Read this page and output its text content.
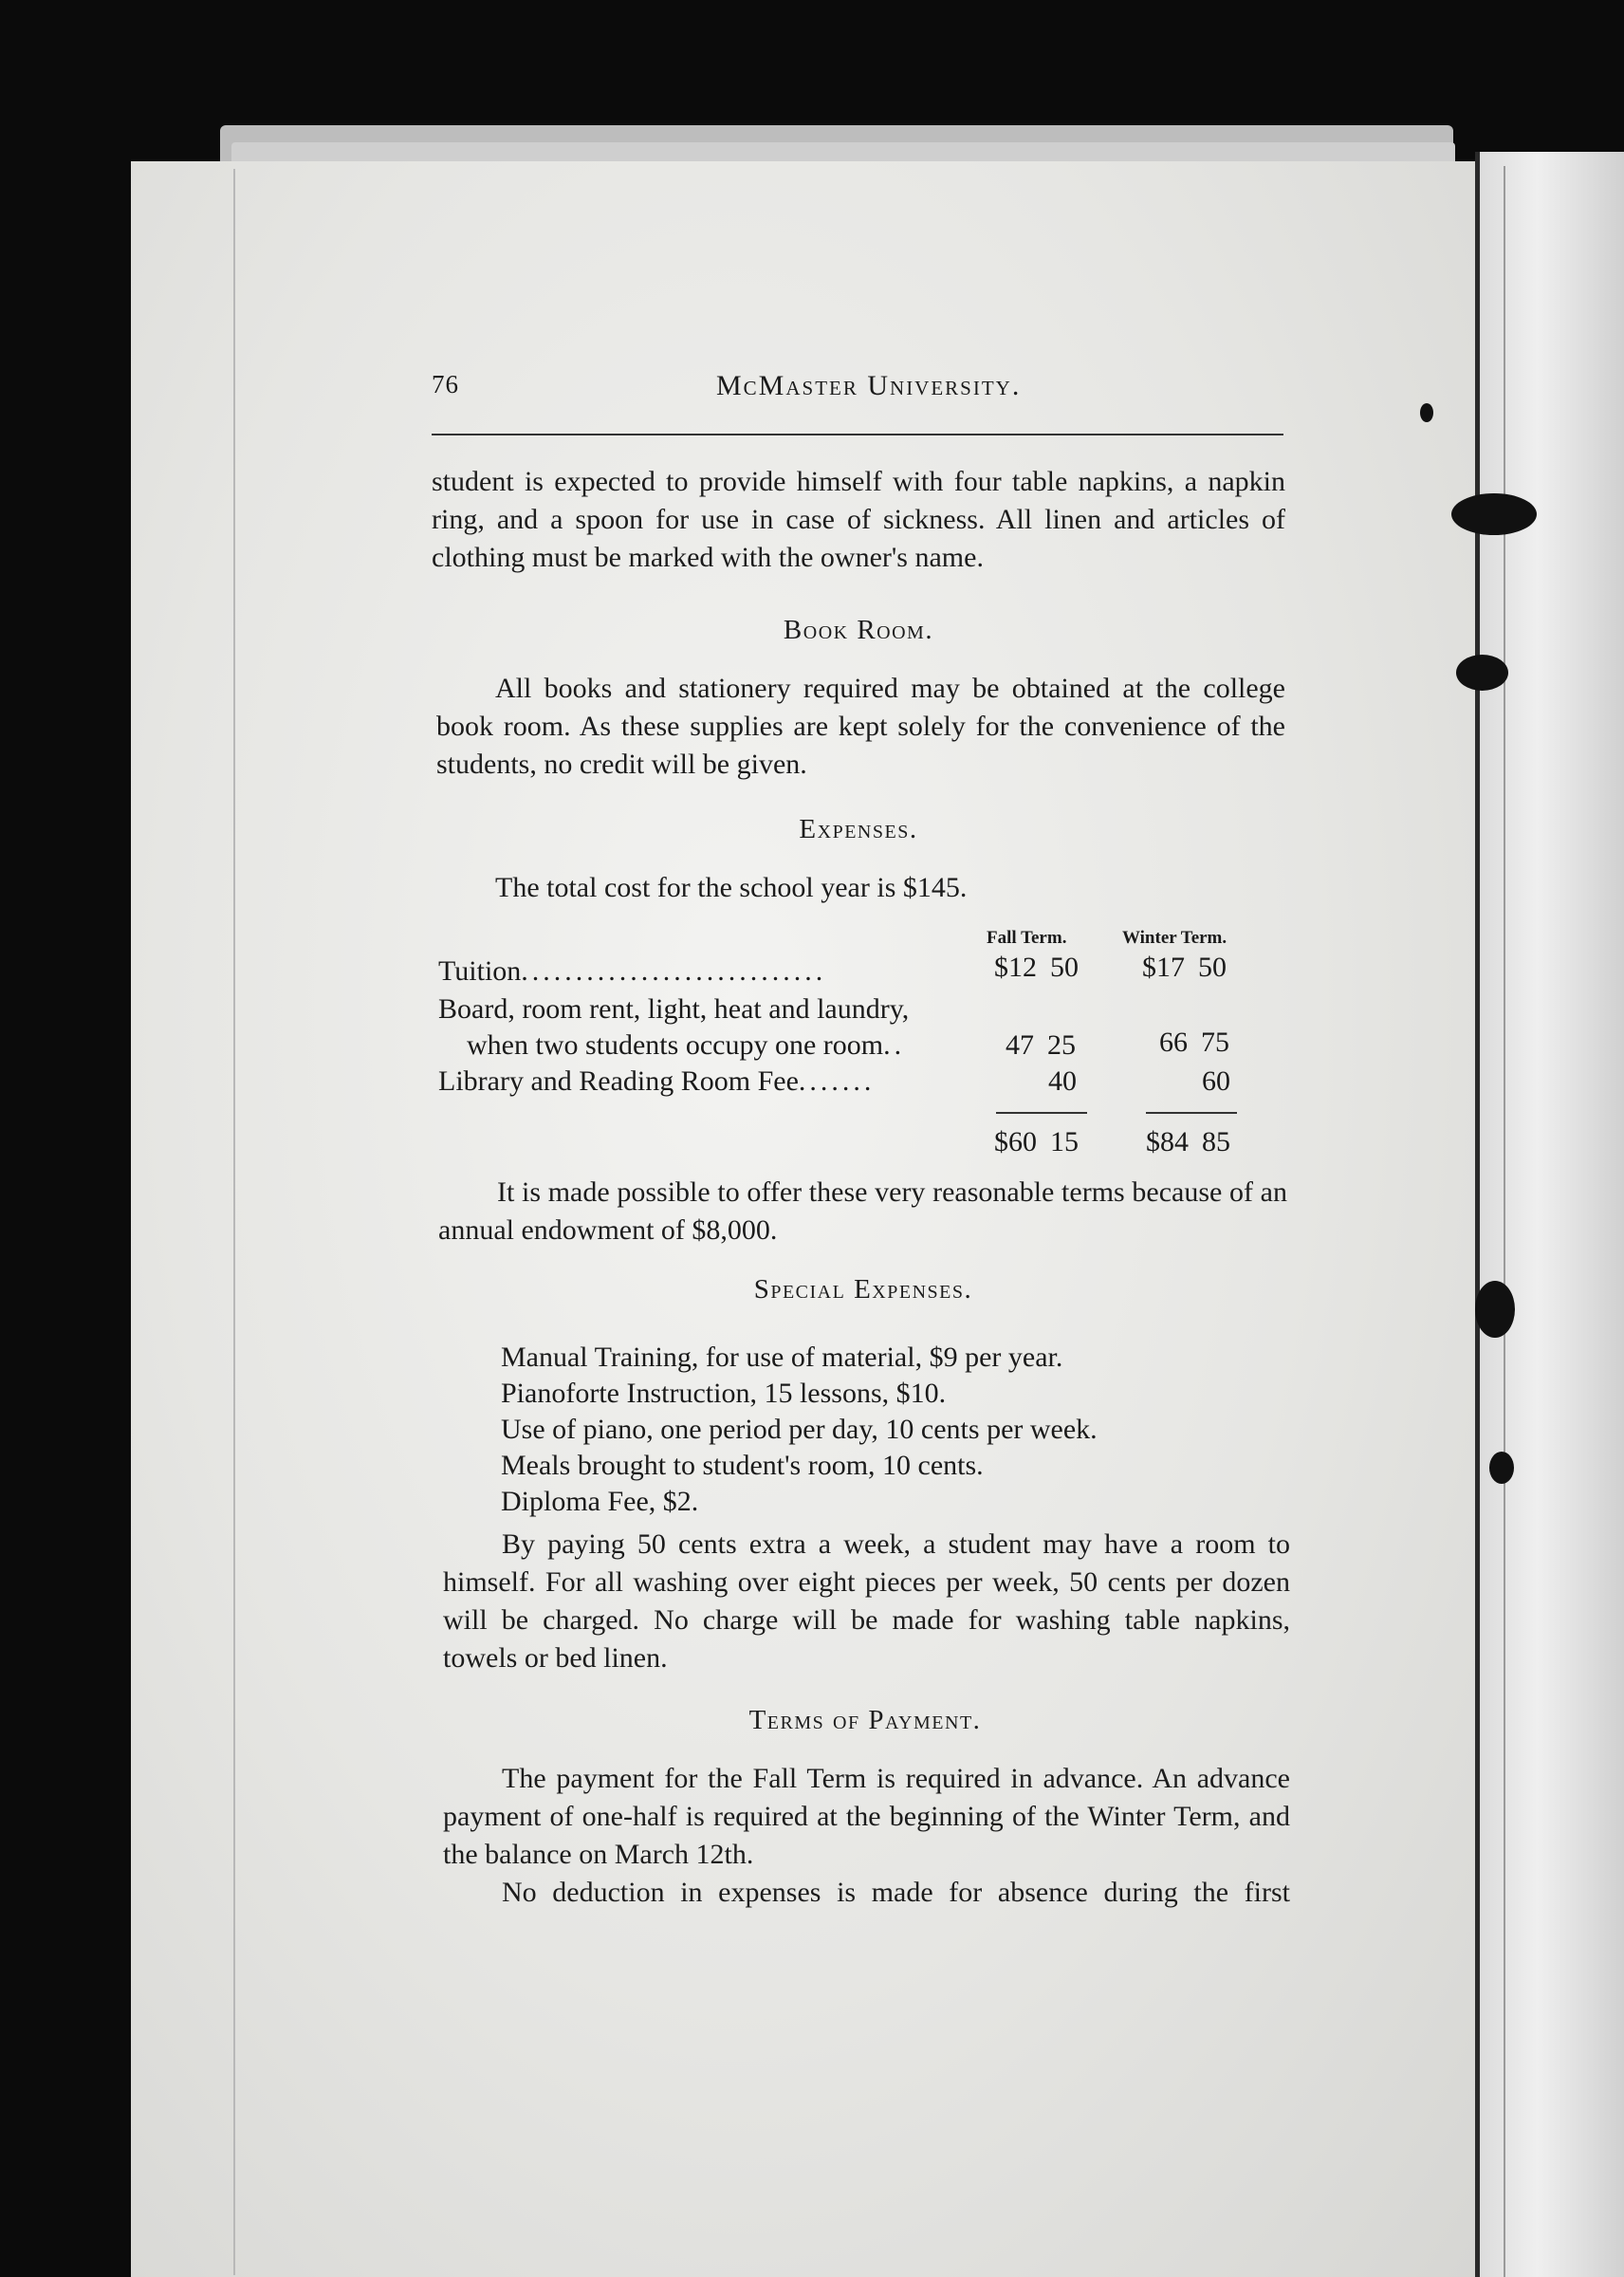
76	McMaster University.
student is expected to provide himself with four table napkins, a napkin ring, and a spoon for use in case of sickness. All linen and articles of clothing must be marked with the owner's name.
Book Room.
All books and stationery required may be obtained at the college book room. As these supplies are kept solely for the convenience of the students, no credit will be given.
Expenses.
The total cost for the school year is $145.
Fall Term.	Winter Term.
Tuition............................	$12 50 $17 50
Board, room rent, light, heat and laundry,
when two students occupy one room..	47 25	66 75
Library and Reading Room Fee.......	40	60
$60 15 $84 85
It is made possible to offer these very reasonable terms because of an annual endowment of $8,000.
Special Expenses.
Manual Training, for use of material, $9 per year.
Pianoforte Instruction, 15 lessons, $10.
Use of piano, one period per day, 10 cents per week.
Meals brought to student's room, 10 cents.
Diploma Fee, $2.
By paying 50 cents extra a week, a student may have a room to himself. For all washing over eight pieces per week, 50 cents per dozen will be charged. No charge will be made for washing table napkins, towels or bed linen.
Terms of Payment.
The payment for the Fall Term is required in advance. An advance payment of one-half is required at the beginning of the Winter Term, and the balance on March 12th.
No deduction in expenses is made for absence during the first
